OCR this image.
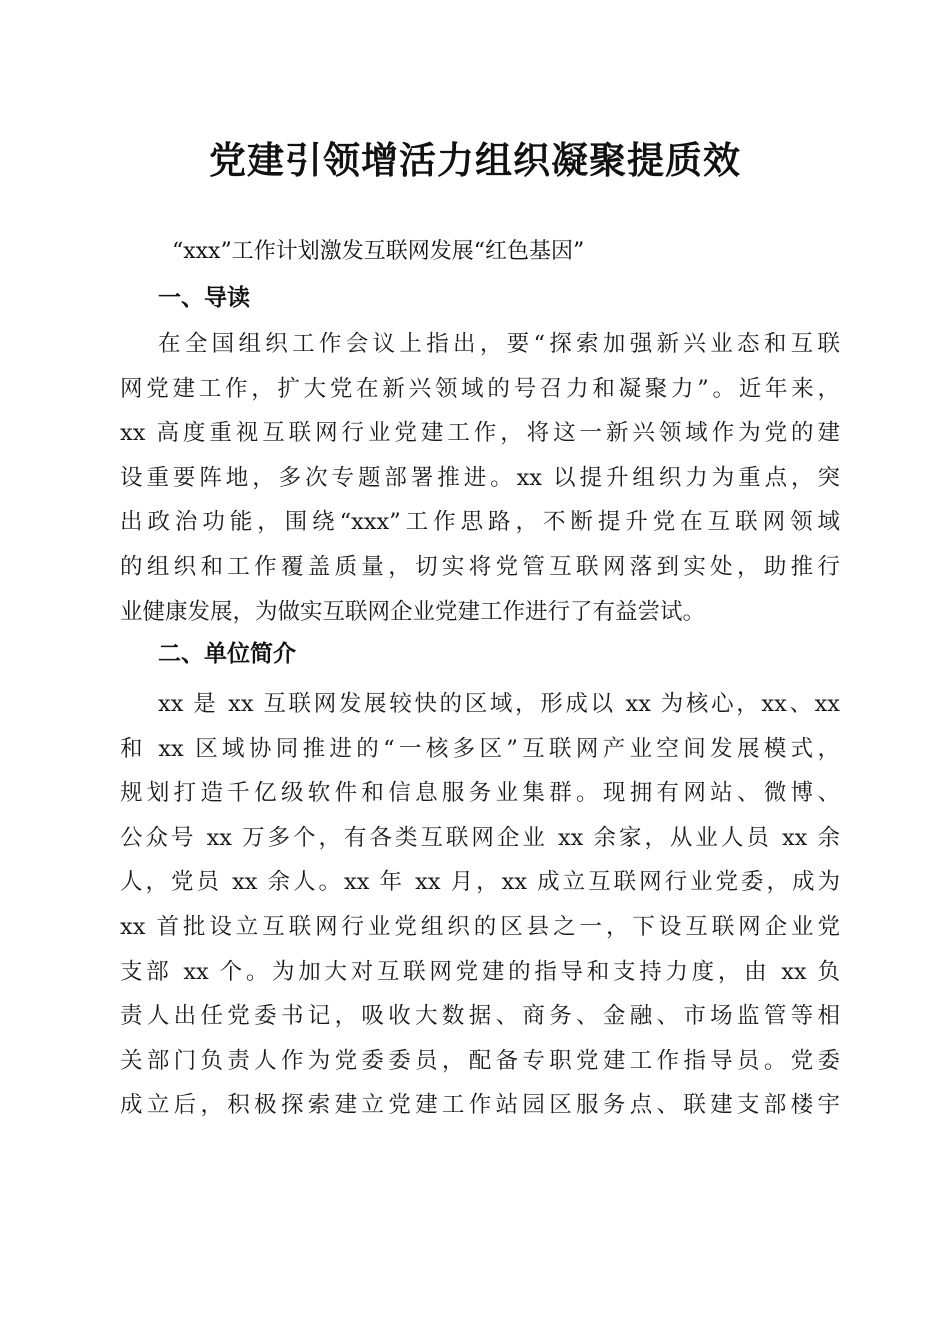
党建引领增活力组织凝聚提质效
“xxx”工作计划激发互联网发展“红色基因”
一、导读
在全国组织工作会议上指出，要“探索加强新兴业态和互联
网党建工作，扩大党在新兴领域的号召力和凝聚力”。近年来，
xx 高度重视互联网行业党建工作，将这一新兴领域作为党的建
设重要阵地，多次专题部署推进。xx 以提升组织力为重点，突
出政治功能，围绕“xxx”工作思路，不断提升党在互联网领域
的组织和工作覆盖质量，切实将党管互联网落到实处，助推行
业健康发展，为做实互联网企业党建工作进行了有益尝试。
二、单位简介
xx 是 xx 互联网发展较快的区域，形成以 xx 为核心，xx、xx
和 xx 区域协同推进的“一核多区”互联网产业空间发展模式，
规划打造千亿级软件和信息服务业集群。现拥有网站、微博、
公众号 xx 万多个，有各类互联网企业 xx 余家，从业人员 xx 余
人，党员 xx 余人。xx 年 xx 月，xx 成立互联网行业党委，成为
xx 首批设立互联网行业党组织的区县之一，下设互联网企业党
支部 xx 个。为加大对互联网党建的指导和支持力度，由 xx 负
责人出任党委书记，吸收大数据、商务、金融、市场监管等相
关部门负责人作为党委委员，配备专职党建工作指导员。党委
成立后，积极探索建立党建工作站园区服务点、联建支部楼宇
